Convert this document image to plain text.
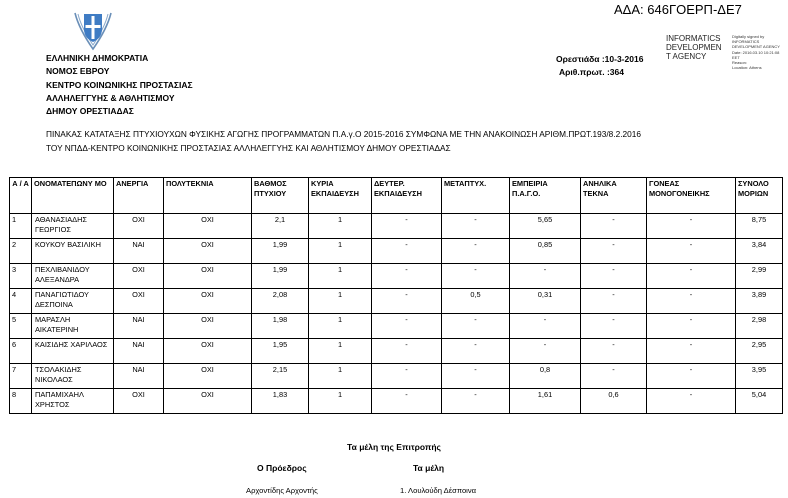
ΑΔΑ: 646ΓΟΕΡΠ-ΔΕ7
ΕΛΛΗΝΙΚΗ ΔΗΜΟΚΡΑΤΙΑ
ΝΟΜΟΣ ΕΒΡΟΥ
ΚΕΝΤΡΟ ΚΟΙΝΩΝΙΚΗΣ ΠΡΟΣΤΑΣΙΑΣ
ΑΛΛΗΛΕΓΓΥΗΣ & ΑΘΛΗΤΙΣΜΟΥ
ΔΗΜΟΥ ΟΡΕΣΤΙΑΔΑΣ
Ορεστιάδα :10-3-2016
Αριθ.πρωτ. :364
INFORMATICS DEVELOPMEN T AGENCY
Digitally signed by
INFORMATICS
DEVELOPMENT AGENCY
Date: 2016.03.10 10:21:08
EET
Reason:
Location: Athens
ΠΙΝΑΚΑΣ ΚΑΤΑΤΑΞΗΣ ΠΤΥΧΙΟΥΧΩΝ ΦΥΣΙΚΗΣ ΑΓΩΓΗΣ ΠΡΟΓΡΑΜΜΑΤΩΝ Π.Α.γ.Ο 2015-2016 ΣΥΜΦΩΝΑ ΜΕ ΤΗΝ ΑΝΑΚΟΙΝΩΣΗ ΑΡΙΘΜ.ΠΡΩΤ.193/8.2.2016
ΤΟΥ ΝΠΔΔ-ΚΕΝΤΡΟ ΚΟΙΝΩΝΙΚΗΣ ΠΡΟΣΤΑΣΙΑΣ ΑΛΛΗΛΕΓΓΥΗΣ ΚΑΙ ΑΘΛΗΤΙΣΜΟΥ ΔΗΜΟΥ ΟΡΕΣΤΙΑΔΑΣ
Α / Α	ΟΝΟΜΑΤΕΠΩΝΥ ΜΟ	ΑΝΕΡΓΙΑ	ΠΟΛΥΤΕΚΝΙΑ	ΒΑΘΜΟΣ ΠΤΥΧΙΟΥ	ΚΥΡΙΑ ΕΚΠΑΙΔΕΥΣΗ	ΔΕΥΤΕΡ. ΕΚΠΑΙΔΕΥΣΗ	ΜΕΤΑΠΤΥΧ.	ΕΜΠΕΙΡΙΑ Π.Α.Γ.Ο.	ΑΝΗΛΙΚΑ ΤΕΚΝΑ	ΓΟΝΕΑΣ ΜΟΝΟΓΟΝΕΙΚΗΣ	ΣΥΝΟΛΟ ΜΟΡΙΩΝ
1	ΑΘΑΝΑΣΙΑΔΗΣ ΓΕΩΡΓΙΟΣ	ΟΧΙ	ΟΧΙ	2,1	1	-	-	5,65	-	-	8,75
2	ΚΟΥΚΟΥ ΒΑΣΙΛΙΚΗ	ΝΑΙ	ΟΧΙ	1,99	1	-	-	0,85	-	-	3,84
3	ΠΕΧΛΙΒΑΝΙΔΟΥ ΑΛΕΞΑΝΔΡΑ	ΟΧΙ	ΟΧΙ	1,99	1	-	-	-	-	-	2,99
4	ΠΑΝΑΓΙΩΤΙΔΟΥ ΔΕΣΠΟΙΝΑ	ΟΧΙ	ΟΧΙ	2,08	1	-	0,5	0,31	-	-	3,89
5	ΜΑΡΑΣΛΗ ΑΙΚΑΤΕΡΙΝΗ	ΝΑΙ	ΟΧΙ	1,98	1	-	-	-	-	-	2,98
6	ΚΑΙΣΙΔΗΣ ΧΑΡΙΛΑΟΣ	ΝΑΙ	ΟΧΙ	1,95	1	-	-	-	-	-	2,95
7	ΤΣΟΛΑΚΙΔΗΣ ΝΙΚΟΛΑΟΣ	ΝΑΙ	ΟΧΙ	2,15	1	-	-	0,8	-	-	3,95
8	ΠΑΠΑΜΙΧΑΗΛ ΧΡΗΣΤΟΣ	ΟΧΙ	ΟΧΙ	1,83	1	-	-	1,61	0,6	-	5,04
Τα μέλη της Επιτροπής
Ο Πρόεδρος	Τα μέλη
Αρχοντίδης Αρχοντής	1. Λουλούδη Δέσποινα
